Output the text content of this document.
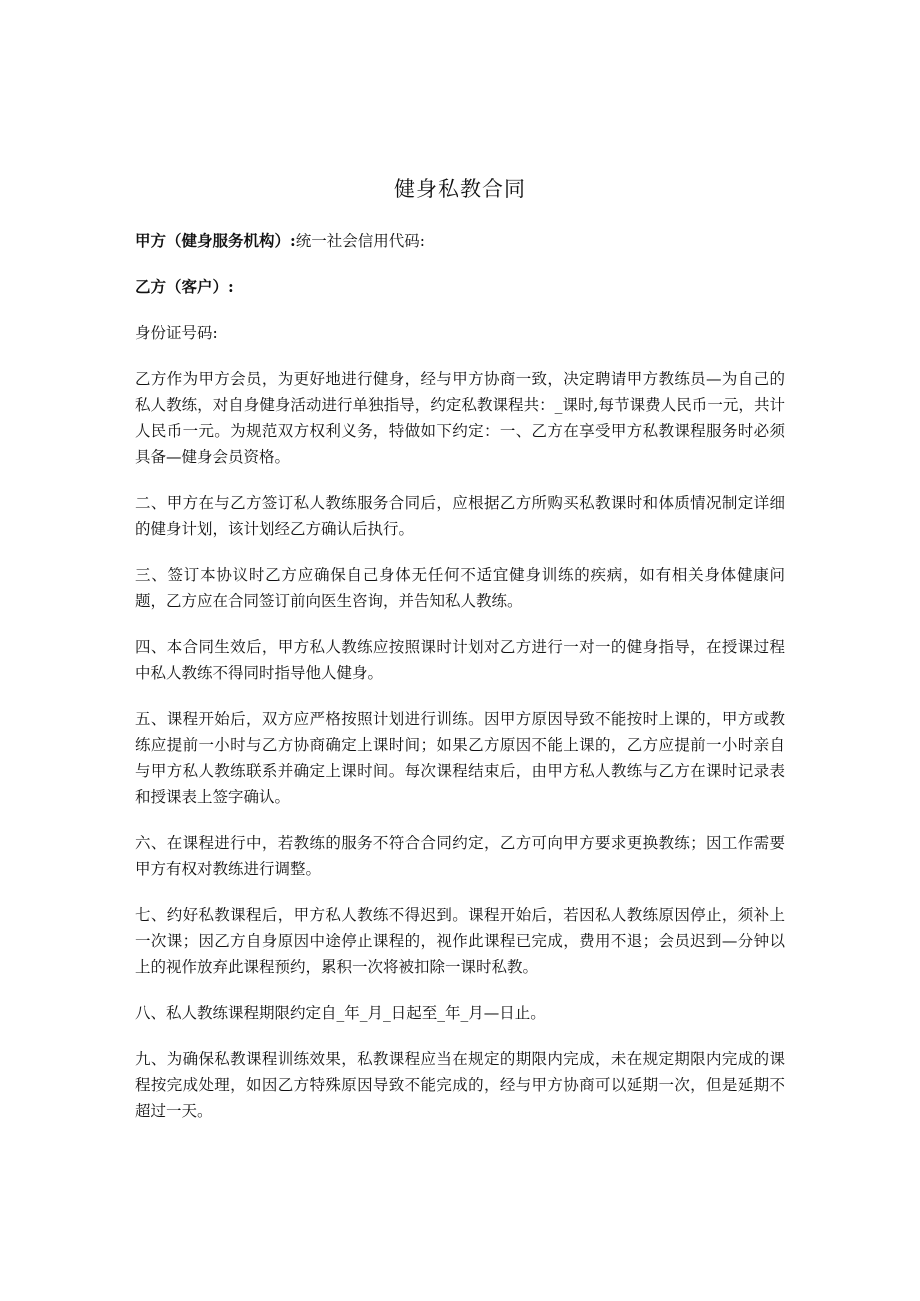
健身私教合同

甲方（健身服务机构）:统一社会信用代码:

乙方（客户）:

身份证号码:

乙方作为甲方会员，为更好地进行健身，经与甲方协商一致，决定聘请甲方教练员—为自己的私人教练，对自身健身活动进行单独指导，约定私教课程共：_课时,每节课费人民币一元，共计人民币一元。为规范双方权利义务，特做如下约定：一、乙方在享受甲方私教课程服务时必须具备—健身会员资格。

二、甲方在与乙方签订私人教练服务合同后，应根据乙方所购买私教课时和体质情况制定详细的健身计划，该计划经乙方确认后执行。

三、签订本协议时乙方应确保自己身体无任何不适宜健身训练的疾病，如有相关身体健康问题，乙方应在合同签订前向医生咨询，并告知私人教练。

四、本合同生效后，甲方私人教练应按照课时计划对乙方进行一对一的健身指导，在授课过程中私人教练不得同时指导他人健身。

五、课程开始后，双方应严格按照计划进行训练。因甲方原因导致不能按时上课的，甲方或教练应提前一小时与乙方协商确定上课时间；如果乙方原因不能上课的，乙方应提前一小时亲自与甲方私人教练联系并确定上课时间。每次课程结束后，由甲方私人教练与乙方在课时记录表和授课表上签字确认。

六、在课程进行中，若教练的服务不符合合同约定，乙方可向甲方要求更换教练；因工作需要甲方有权对教练进行调整。

七、约好私教课程后，甲方私人教练不得迟到。课程开始后，若因私人教练原因停止，须补上一次课；因乙方自身原因中途停止课程的，视作此课程已完成，费用不退；会员迟到—分钟以上的视作放弃此课程预约，累积一次将被扣除一课时私教。

八、私人教练课程期限约定自_年_月_日起至_年_月—日止。

九、为确保私教课程训练效果，私教课程应当在规定的期限内完成，未在规定期限内完成的课程按完成处理，如因乙方特殊原因导致不能完成的，经与甲方协商可以延期一次，但是延期不超过一天。
